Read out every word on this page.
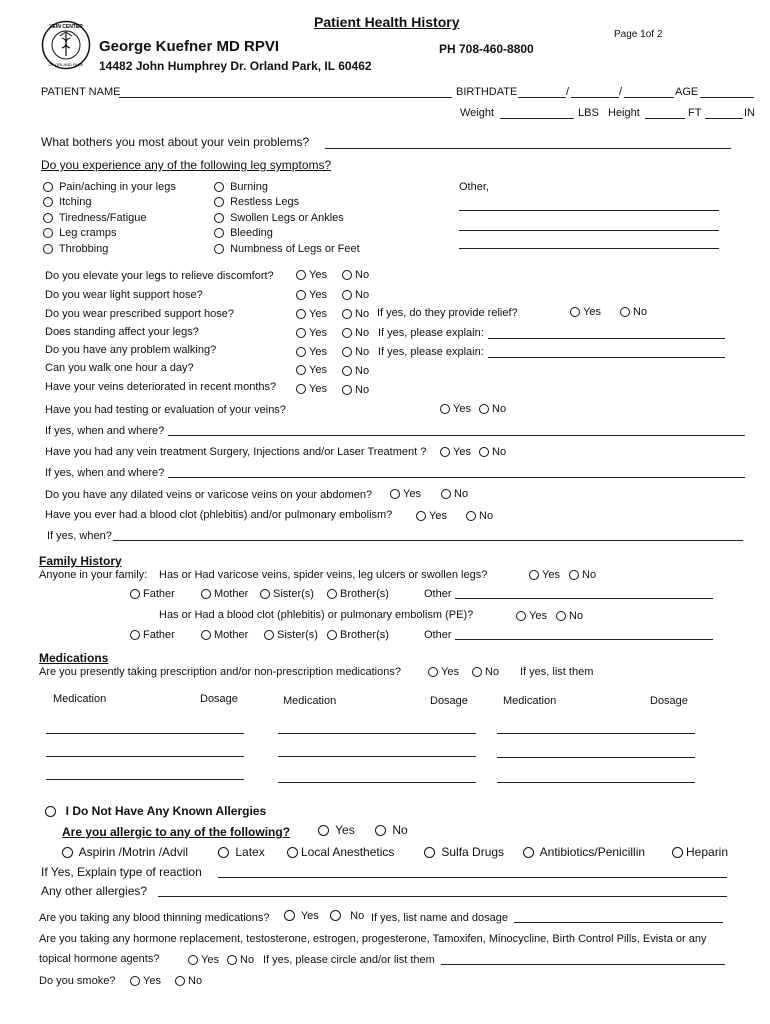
VEIN CENTER
OF ORLAND PARK
Patient Health History
Page 1of 2
George Kuefner MD RPVI	PH 708-460-8800
14482 John Humphrey Dr. Orland Park, IL 60462
PATIENT NAME	BIRTHDATE	/	/	AGE
Weight	LBS Height	FT	IN
What bothers you most about your vein problems?
Do you experience any of the following leg symptoms?
Pain/aching in your legs
Itching
Tiredness/Fatigue
Leg cramps
Throbbing
Burning
Restless Legs
Swollen Legs or Ankles
Bleeding
Numbness of Legs or Feet
Other,
Do you elevate your legs to relieve discomfort?	Yes	No
Do you wear light support hose?	Yes	No
Do you wear prescribed support hose?	Yes	No If yes, do they provide relief?	Yes	No
Does standing affect your legs?	Yes	No If yes, please explain:
Do you have any problem walking?	Yes	No If yes, please explain:
Can you walk one hour a day?	Yes	No
Have your veins deteriorated in recent months?	Yes	No
Have you had testing or evaluation of your veins?	Yes	No
If yes, when and where?
Have you had any vein treatment Surgery, Injections and/or Laser Treatment ?	Yes	No
If yes, when and where?
Do you have any dilated veins or varicose veins on your abdomen?	Yes	No
Have you ever had a blood clot (phlebitis) and/or pulmonary embolism?	Yes	No
If yes, when?
Family History
Anyone in your family: Has or Had varicose veins, spider veins, leg ulcers or swollen legs?	Yes	No
Father	Mother	Sister(s)	Brother(s)	Other
Has or Had a blood clot (phlebitis) or pulmonary embolism (PE)?	Yes	No
Father	Mother	Sister(s)	Brother(s)	Other
Medications
Are you presently taking prescription and/or non-prescription medications?	Yes	No If yes, list them
Medication	Dosage	Medication	Dosage	Medication	Dosage
I Do Not Have Any Known Allergies
Are you allergic to any of the following?	Yes	No
Aspirin /Motrin /Advil	Latex	Local Anesthetics	Sulfa Drugs	Antibiotics/Penicillin	Heparin
If Yes, Explain type of reaction
Any other allergies?
Are you taking any blood thinning medications?	Yes	No If yes, list name and dosage
Are you taking any hormone replacement, testosterone, estrogen, progesterone, Tamoxifen, Minocycline, Birth Control Pills, Evista or any
topical hormone agents?	Yes	No If yes, please circle and/or list them
Do you smoke?	Yes	No
